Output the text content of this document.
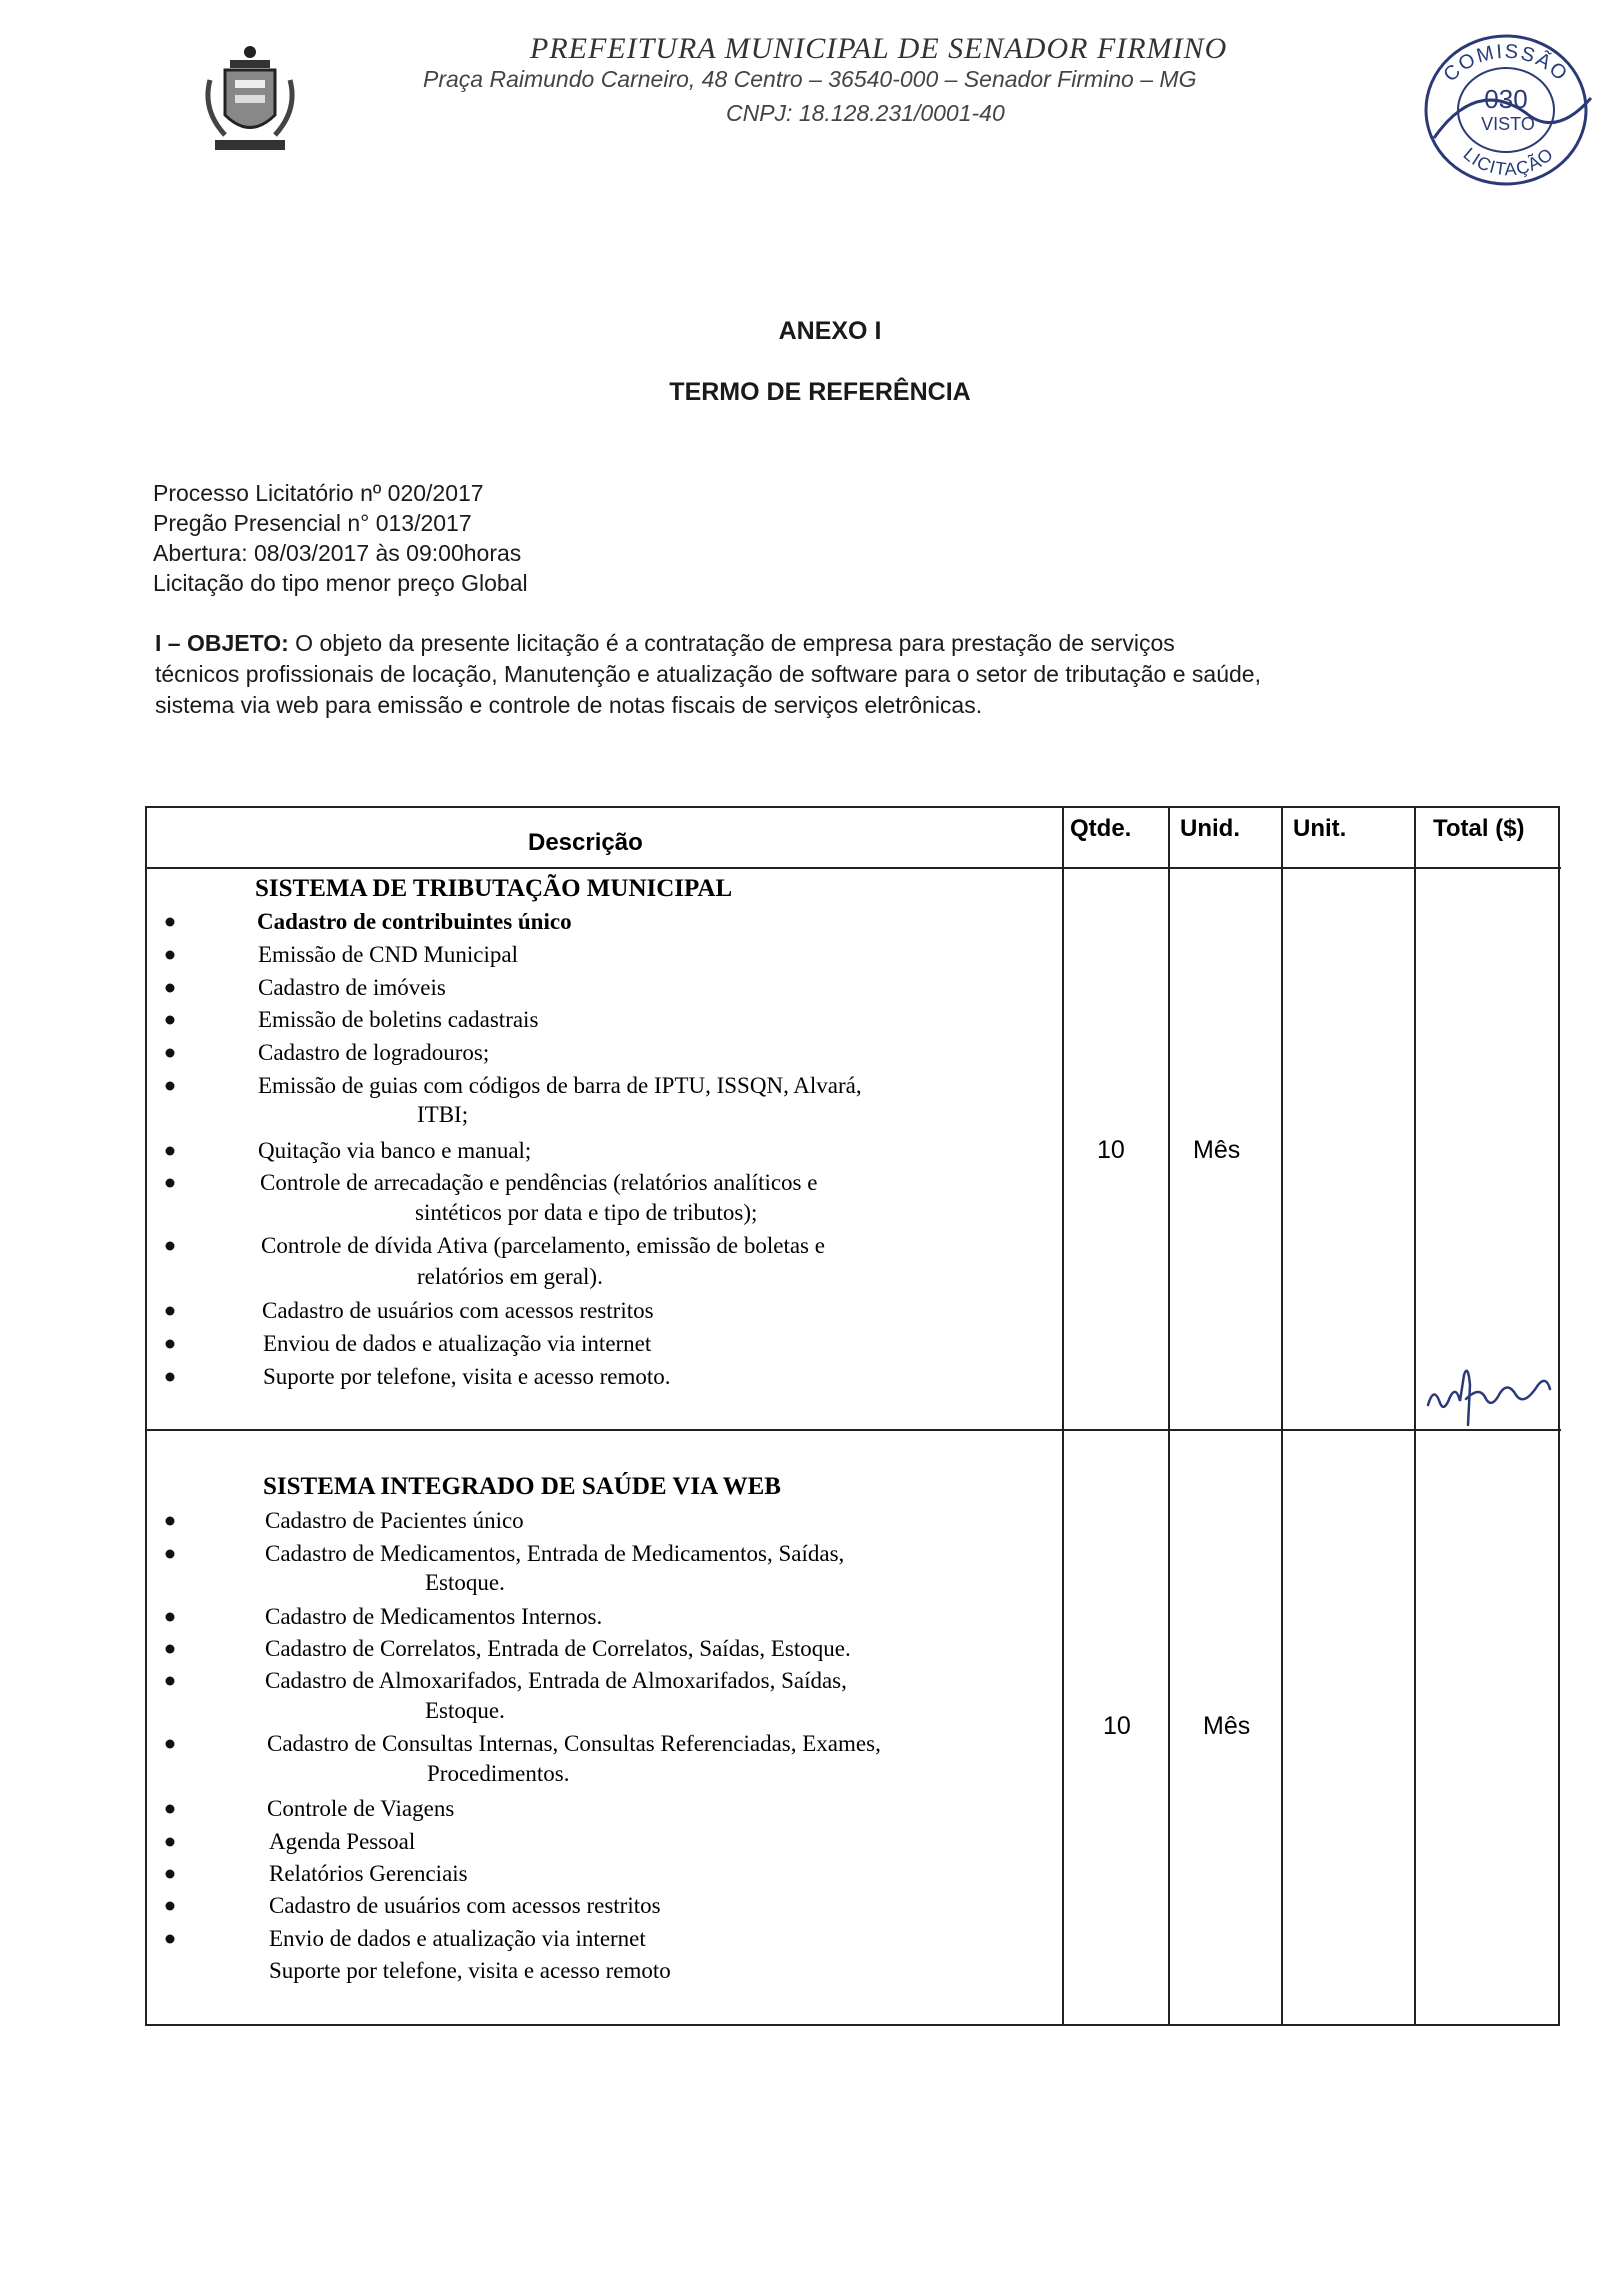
PREFEITURA MUNICIPAL DE SENADOR FIRMINO
Praça Raimundo Carneiro, 48 Centro – 36540-000 – Senador Firmino – MG
CNPJ: 18.128.231/0001-40
COMISSÃO
030
VISTO
LICITAÇÃO
ANEXO I
TERMO DE REFERÊNCIA
Processo Licitatório nº 020/2017
Pregão Presencial n° 013/2017
Abertura: 08/03/2017 às 09:00horas
Licitação do tipo menor preço Global
I – OBJETO: O objeto da presente licitação é a contratação de empresa para prestação de serviços
técnicos profissionais de locação, Manutenção e atualização de software para o setor de tributação e saúde,
sistema via web para emissão e controle de notas fiscais de serviços eletrônicas.
Descrição
Qtde. Unid. Unit.	Total ($)
SISTEMA DE TRIBUTAÇÃO MUNICIPAL
Cadastro de contribuintes único
Emissão de CND Municipal
Cadastro de imóveis
Emissão de boletins cadastrais
Cadastro de logradouros;
Emissão de guias com códigos de barra de IPTU, ISSQN, Alvará,
ITBI;
Quitação via banco e manual;
Controle de arrecadação e pendências (relatórios analíticos e
sintéticos por data e tipo de tributos);
Controle de dívida Ativa (parcelamento, emissão de boletas e
relatórios em geral).
Cadastro de usuários com acessos restritos
Enviou de dados e atualização via internet
Suporte por telefone, visita e acesso remoto.
10	Mês
SISTEMA INTEGRADO DE SAÚDE VIA WEB
Cadastro de Pacientes único
Cadastro de Medicamentos, Entrada de Medicamentos, Saídas,
Estoque.
Cadastro de Medicamentos Internos.
Cadastro de Correlatos, Entrada de Correlatos, Saídas, Estoque.
Cadastro de Almoxarifados, Entrada de Almoxarifados, Saídas,
Estoque.
Cadastro de Consultas Internas, Consultas Referenciadas, Exames,
Procedimentos.
Controle de Viagens
Agenda Pessoal
Relatórios Gerenciais
Cadastro de usuários com acessos restritos
Envio de dados e atualização via internet
Suporte por telefone, visita e acesso remoto
10	Mês
